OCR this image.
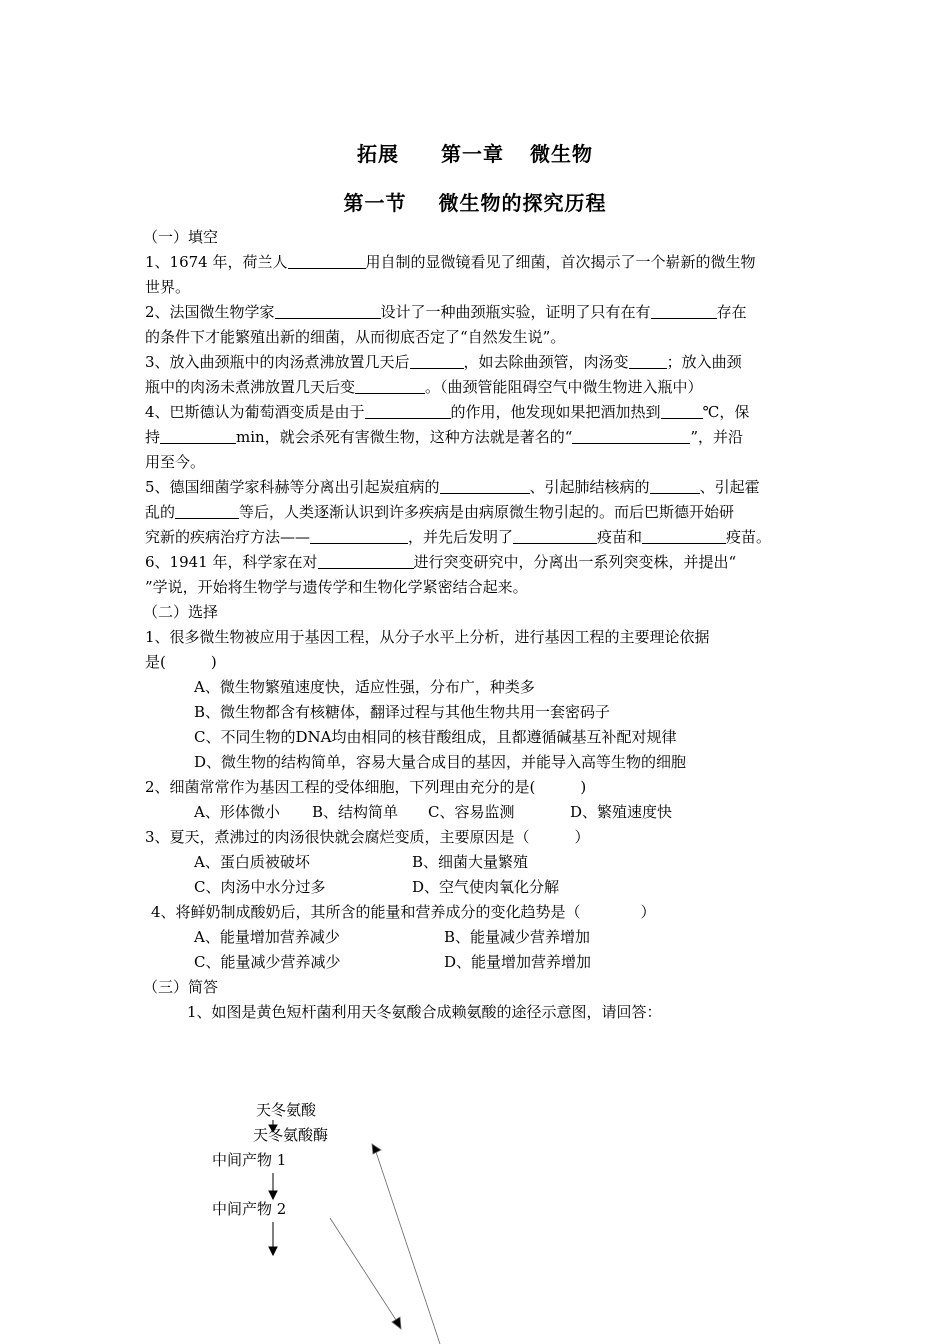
拓展 第一章 微生物
第一节 微生物的探究历程
（一）填空
1、1674 年，荷兰人	用自制的显微镜看见了细菌，首次揭示了一个崭新的微生物
世界。
2、法国微生物学家	设计了一种曲颈瓶实验，证明了只有在有	存在
的条件下才能繁殖出新的细菌，从而彻底否定了“自然发生说”。
3、放入曲颈瓶中的肉汤煮沸放置几天后	，如去除曲颈管，肉汤变	；放入曲颈
瓶中的肉汤未煮沸放置几天后变	。（曲颈管能阻碍空气中微生物进入瓶中）
4、巴斯德认为葡萄酒变质是由于	的作用，他发现如果把酒加热到	℃，保
持	min，就会杀死有害微生物，这种方法就是著名的“	”，并沿
用至今。
5、德国细菌学家科赫等分离出引起炭疽病的	、引起肺结核病的	、引起霍
乱的	等后，人类逐渐认识到许多疾病是由病原微生物引起的。而后巴斯德开始研
究新的疾病治疗方法——	，并先后发明了	疫苗和	疫苗。
6、1941 年，科学家在对	进行突变研究中，分离出一系列突变株，并提出“
”学说，开始将生物学与遗传学和生物化学紧密结合起来。
（二）选择
1、很多微生物被应用于基因工程，从分子水平上分析，进行基因工程的主要理论依据
是(　　　)
A、微生物繁殖速度快，适应性强，分布广，种类多
B、微生物都含有核糖体，翻译过程与其他生物共用一套密码子
C、不同生物的DNA均由相同的核苷酸组成，且都遵循碱基互补配对规律
D、微生物的结构简单，容易大量合成目的基因，并能导入高等生物的细胞
2、细菌常常作为基因工程的受体细胞，下列理由充分的是(　　　)
A、形体微小 B、结构简单 C、容易监测	D、繁殖速度快
3、夏天，煮沸过的肉汤很快就会腐烂变质，主要原因是（　　　）
A、蛋白质被破坏	B、细菌大量繁殖
C、肉汤中水分过多	D、空气使肉氧化分解
4、将鲜奶制成酸奶后，其所含的能量和营养成分的变化趋势是（　　　　）
A、能量增加营养减少	B、能量减少营养增加
C、能量减少营养减少	D、能量增加营养增加
（三）简答
1、如图是黄色短杆菌利用天冬氨酸合成赖氨酸的途径示意图，请回答：
天冬氨酸
天冬氨酸酶
中间产物 1
中间产物 2
